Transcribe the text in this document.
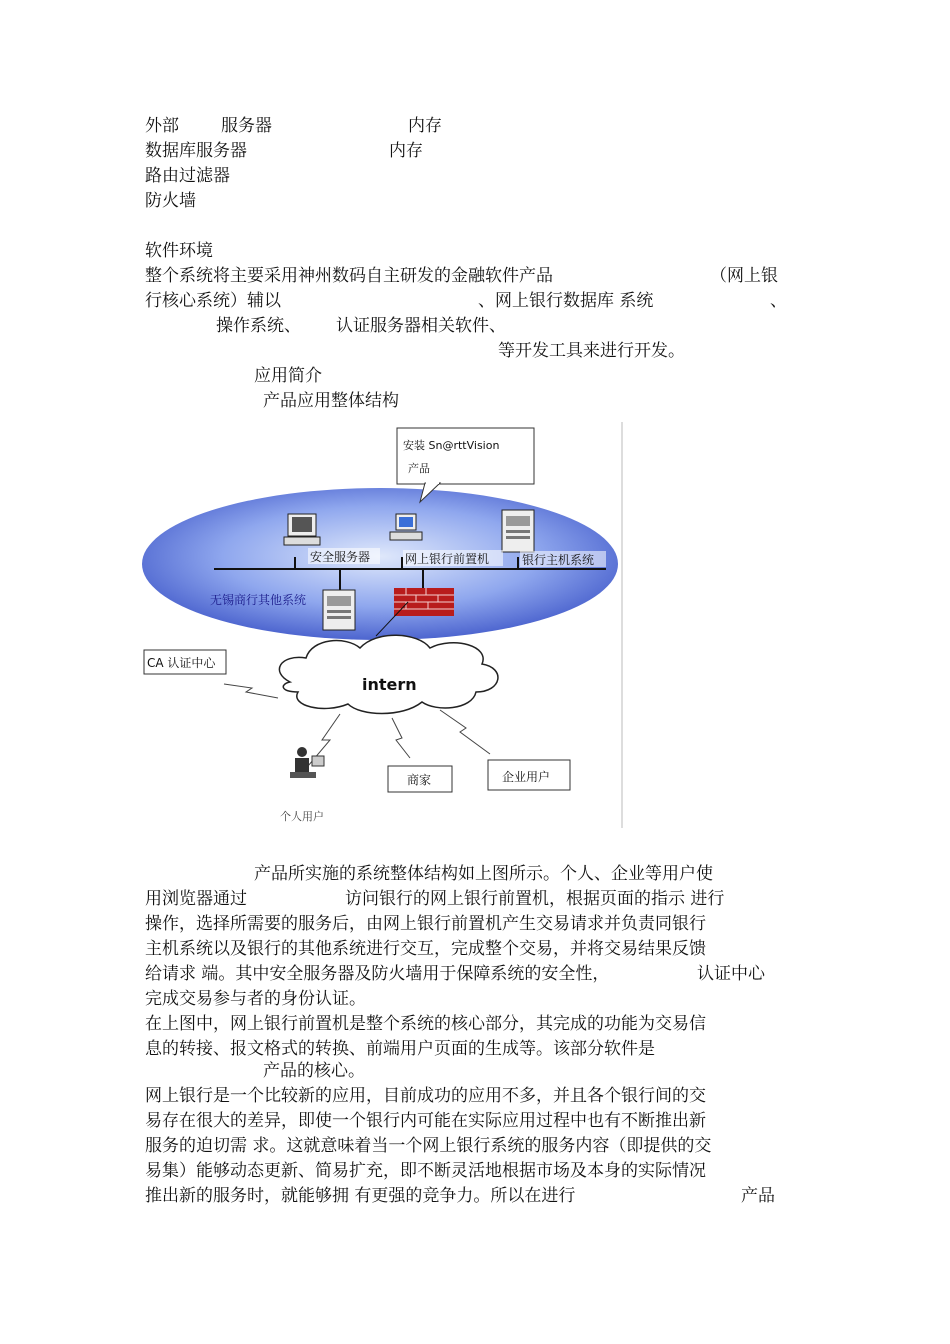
外部 服务器	内存
数据库服务器	内存
路由过滤器
防火墙
软件环境
整个系统将主要采用神州数码自主研发的金融软件产品	（网上银
行核心系统）辅以	、网上银行数据库 系统	、
操作系统、 认证服务器相关软件、
等开发工具来进行开发。
应用简介
产品应用整体结构
安装 Sn@rttVision
产品
安全服务器	网上银行前置机	银行主机系统
无锡商行其他系统
intern
CA 认证中心
个人用户
商家	企业用户
产品所实施的系统整体结构如上图所示。个人、企业等用户使
用浏览器通过	访问银行的网上银行前置机，根据页面的指示 进行
操作，选择所需要的服务后，由网上银行前置机产生交易请求并负责同银行
主机系统以及银行的其他系统进行交互，完成整个交易，并将交易结果反馈
给请求 端。其中安全服务器及防火墙用于保障系统的安全性，	认证中心
完成交易参与者的身份认证。
在上图中，网上银行前置机是整个系统的核心部分，其完成的功能为交易信
息的转接、报文格式的转换、前端用户页面的生成等。该部分软件是
产品的核心。
网上银行是一个比较新的应用，目前成功的应用不多，并且各个银行间的交
易存在很大的差异，即使一个银行内可能在实际应用过程中也有不断推出新
服务的迫切需 求。这就意味着当一个网上银行系统的服务内容（即提供的交
易集）能够动态更新、简易扩充，即不断灵活地根据市场及本身的实际情况
推出新的服务时，就能够拥 有更强的竞争力。所以在进行	产品
